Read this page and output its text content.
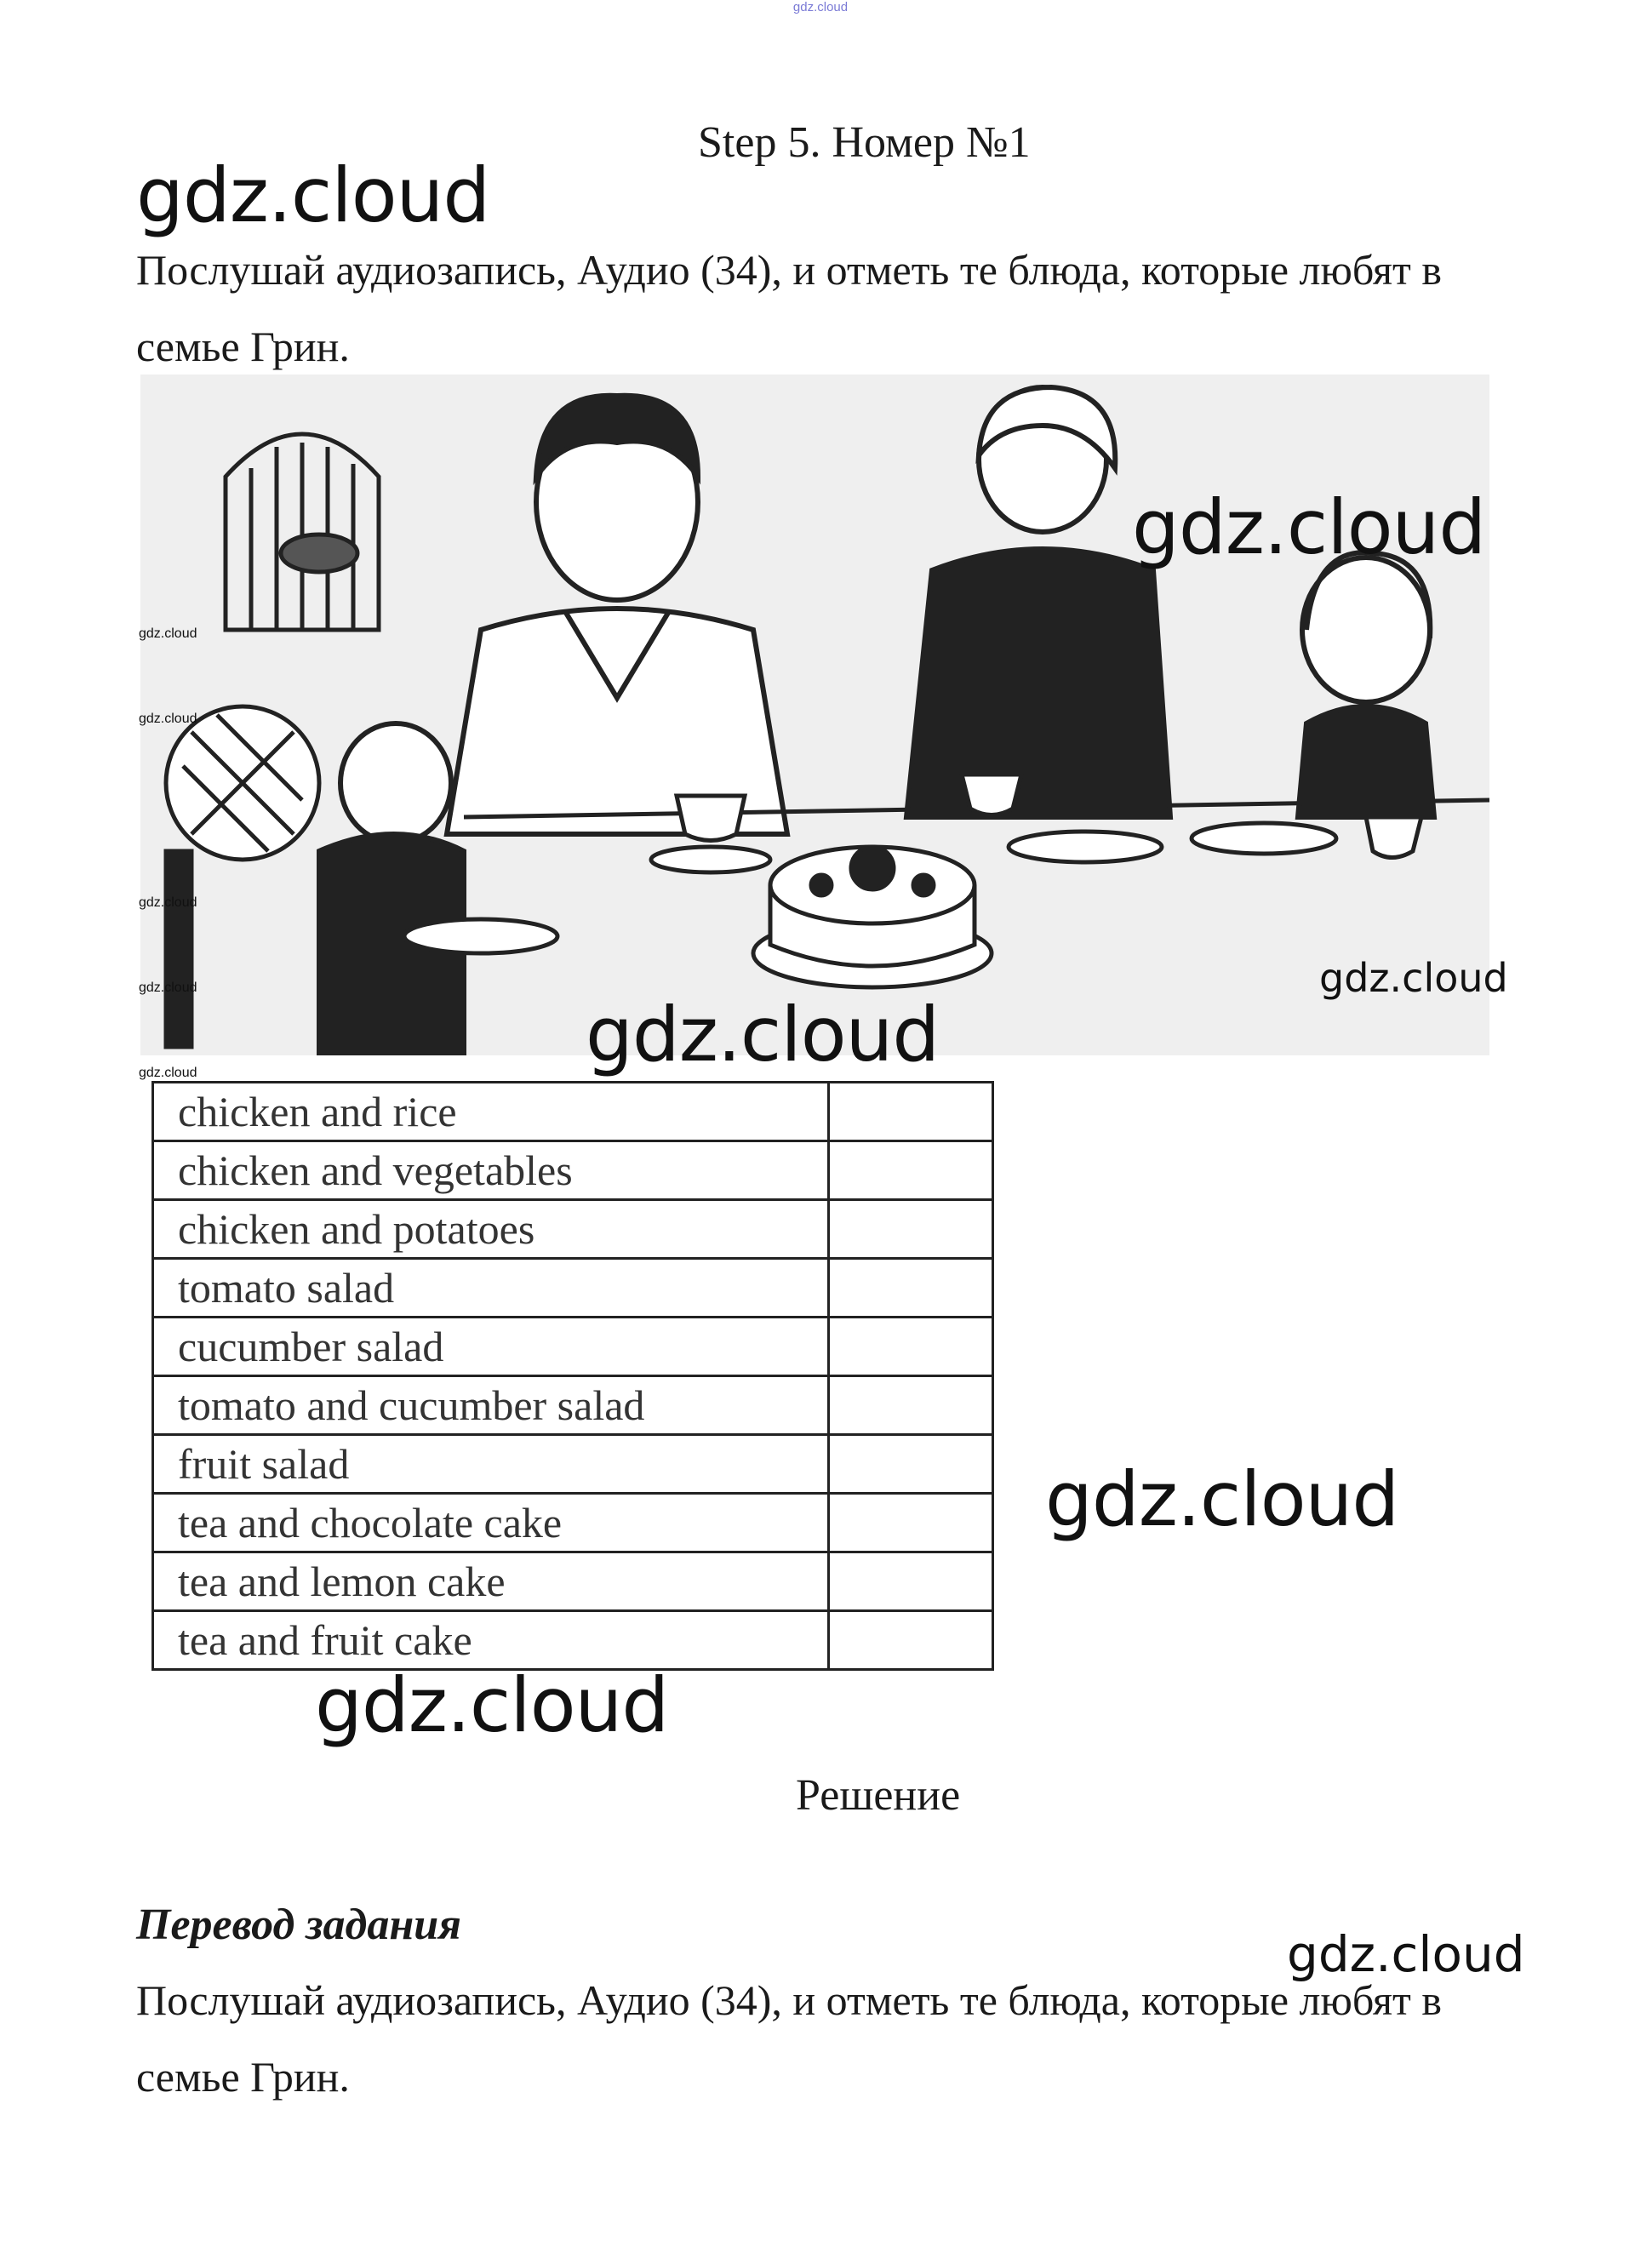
gdz.cloud
Step 5. Номер №1
gdz.cloud
Послушай аудиозапись, Аудио (34), и отметь те блюда, которые любят в семье Грин.
gdz.cloud
gdz.cloud
gdz.cloud
gdz.cloud
gdz.cloud
gdz.cloud
gdz.cloud
gdz.cloud
chicken and rice	
chicken and vegetables	
chicken and potatoes	
tomato salad	
cucumber salad	
tomato and cucumber salad	
fruit salad	
tea and chocolate cake	
tea and lemon cake	
tea and fruit cake	
gdz.cloud
gdz.cloud
Решение
Перевод задания
gdz.cloud
Послушай аудиозапись, Аудио (34), и отметь те блюда, которые любят в семье Грин.
